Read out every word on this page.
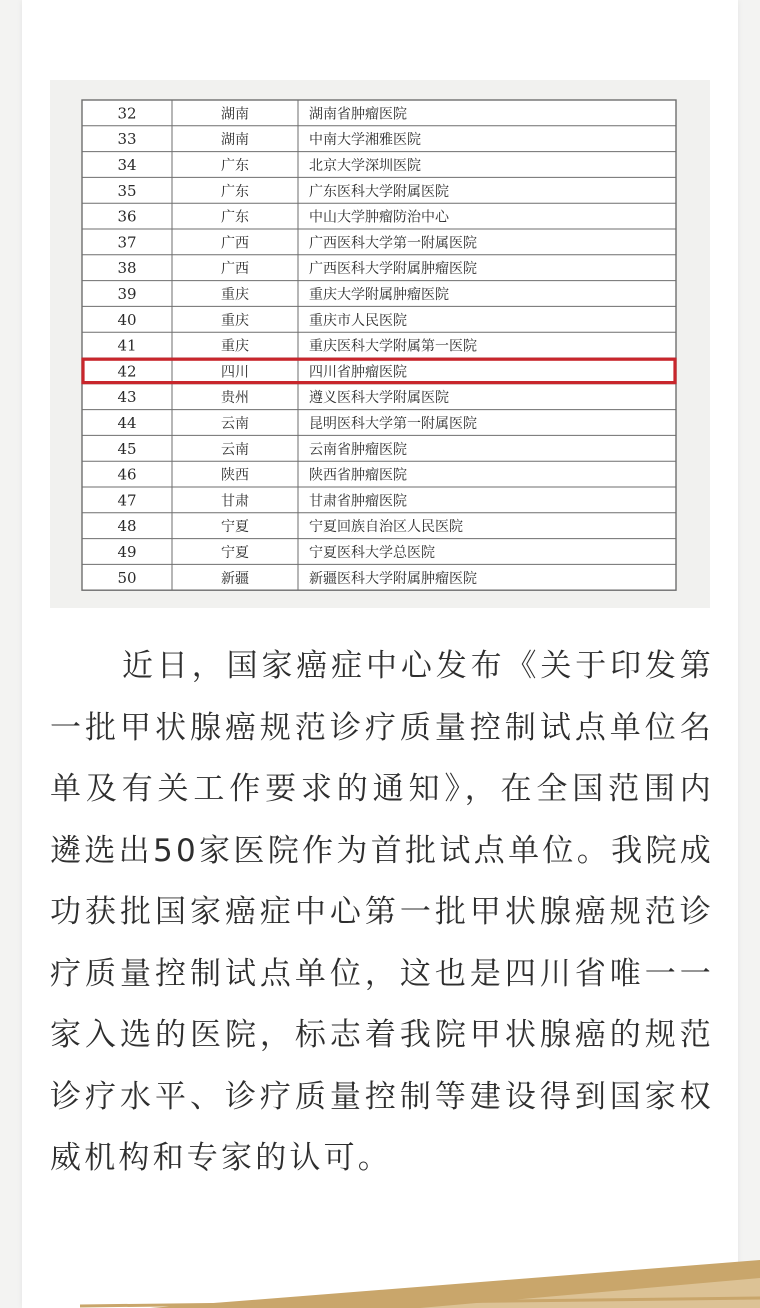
32	湖南	湖南省肿瘤医院
33	湖南	中南大学湘雅医院
34	广东	北京大学深圳医院
35	广东	广东医科大学附属医院
36	广东	中山大学肿瘤防治中心
37	广西	广西医科大学第一附属医院
38	广西	广西医科大学附属肿瘤医院
39	重庆	重庆大学附属肿瘤医院
40	重庆	重庆市人民医院
41	重庆	重庆医科大学附属第一医院
42	四川	四川省肿瘤医院
43	贵州	遵义医科大学附属医院
44	云南	昆明医科大学第一附属医院
45	云南	云南省肿瘤医院
46	陕西	陕西省肿瘤医院
47	甘肃	甘肃省肿瘤医院
48	宁夏	宁夏回族自治区人民医院
49	宁夏	宁夏医科大学总医院
50	新疆	新疆医科大学附属肿瘤医院

近日，国家癌症中心发布《关于印发第一批甲状腺癌规范诊疗质量控制试点单位名单及有关工作要求的通知》，在全国范围内遴选出50家医院作为首批试点单位。我院成功获批国家癌症中心第一批甲状腺癌规范诊疗质量控制试点单位，这也是四川省唯一一家入选的医院，标志着我院甲状腺癌的规范诊疗水平、诊疗质量控制等建设得到国家权威机构和专家的认可。
